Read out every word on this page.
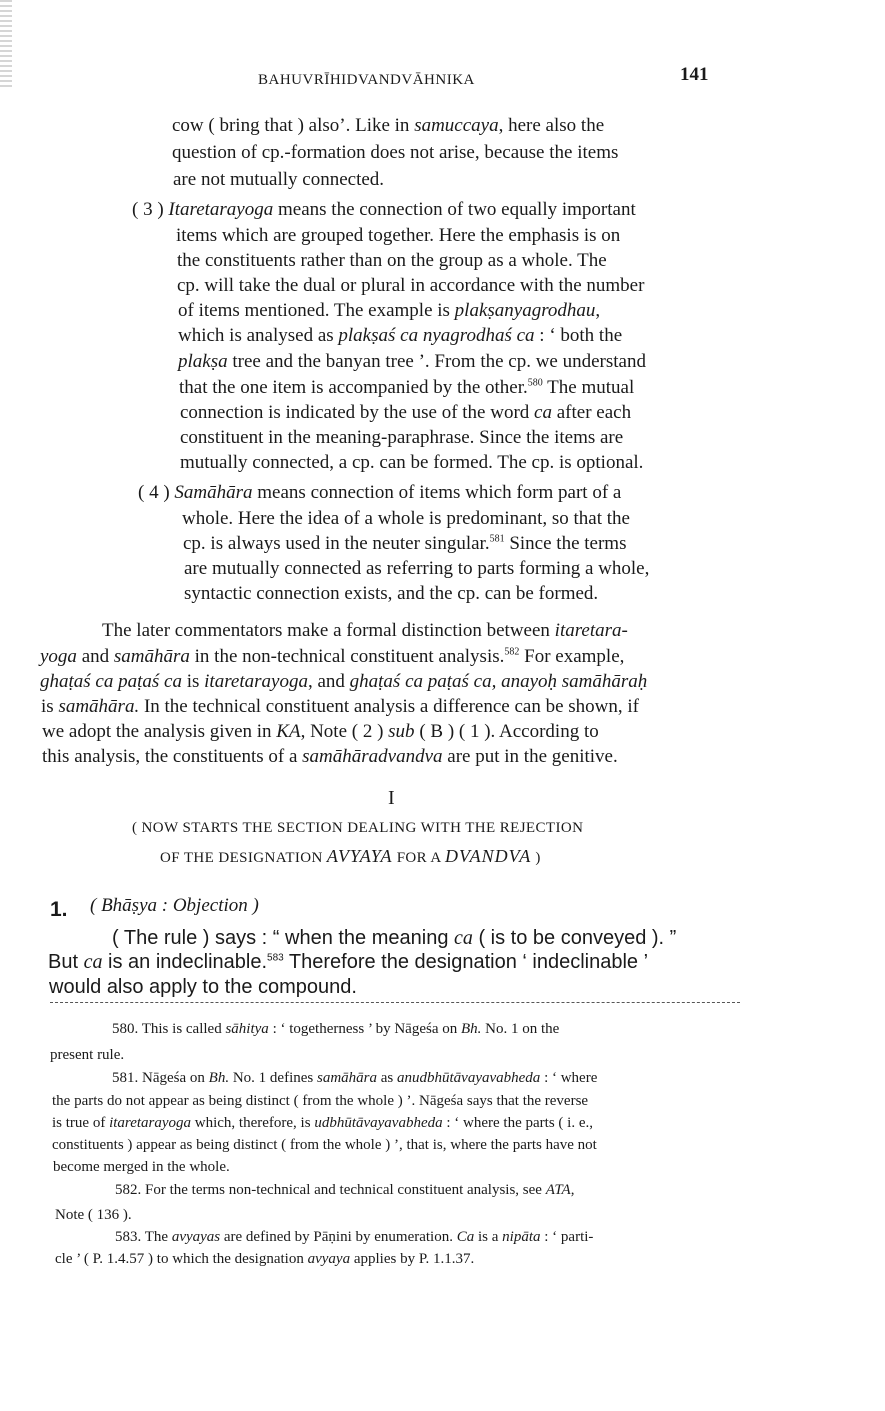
BAHUVRĪHIDVANDVĀHNIKA	141
cow ( bring that ) also’. Like in samuccaya, here also the
question of cp.-formation does not arise, because the items
are not mutually connected.
( 3 ) Itaretarayoga means the connection of two equally important
items which are grouped together. Here the emphasis is on
the constituents rather than on the group as a whole. The
cp. will take the dual or plural in accordance with the number
of items mentioned. The example is plakṣanyagrodhau,
which is analysed as plakṣaś ca nyagrodhaś ca : ‘ both the
plakṣa tree and the banyan tree ’. From the cp. we understand
that the one item is accompanied by the other.$^{580}$ The mutual
connection is indicated by the use of the word ca after each
constituent in the meaning-paraphrase. Since the items are
mutually connected, a cp. can be formed. The cp. is optional.
( 4 ) Samāhāra means connection of items which form part of a
whole. Here the idea of a whole is predominant, so that the
cp. is always used in the neuter singular.$^{581}$ Since the terms
are mutually connected as referring to parts forming a whole,
syntactic connection exists, and the cp. can be formed.
The later commentators make a formal distinction between itaretara-
yoga and samāhāra in the non-technical constituent analysis.$^{582}$ For example,
ghaṭaś ca paṭaś ca is itaretarayoga, and ghaṭaś ca paṭaś ca, anayoḥ samāhāraḥ
is samāhāra. In the technical constituent analysis a difference can be shown, if
we adopt the analysis given in KA, Note ( 2 ) sub ( B ) ( 1 ). According to
this analysis, the constituents of a samāhāradvandva are put in the genitive.
I
( NOW STARTS THE SECTION DEALING WITH THE REJECTION
OF THE DESIGNATION AVYAYA FOR A DVANDVA )
1. ( Bhāṣya : Objection )
( The rule ) says : “ when the meaning ca ( is to be conveyed ). ”
But ca is an indeclinable.$^{583}$ Therefore the designation ‘ indeclinable ’
would also apply to the compound.
580. This is called sāhitya : ‘ togetherness ’ by Nāgeśa on Bh. No. 1 on the
present rule.
581. Nāgeśa on Bh. No. 1 defines samāhāra as anudbhūtāvayavabheda : ‘ where
the parts do not appear as being distinct ( from the whole ) ’. Nāgeśa says that the reverse
is true of itaretarayoga which, therefore, is udbhūtāvayavabheda : ‘ where the parts ( i. e.,
constituents ) appear as being distinct ( from the whole ) ’, that is, where the parts have not
become merged in the whole.
582. For the terms non-technical and technical constituent analysis, see ATA,
Note ( 136 ).
583. The avyayas are defined by Pāṇini by enumeration. Ca is a nipāta : ‘ parti-
cle ’ ( P. 1.4.57 ) to which the designation avyaya applies by P. 1.1.37.
